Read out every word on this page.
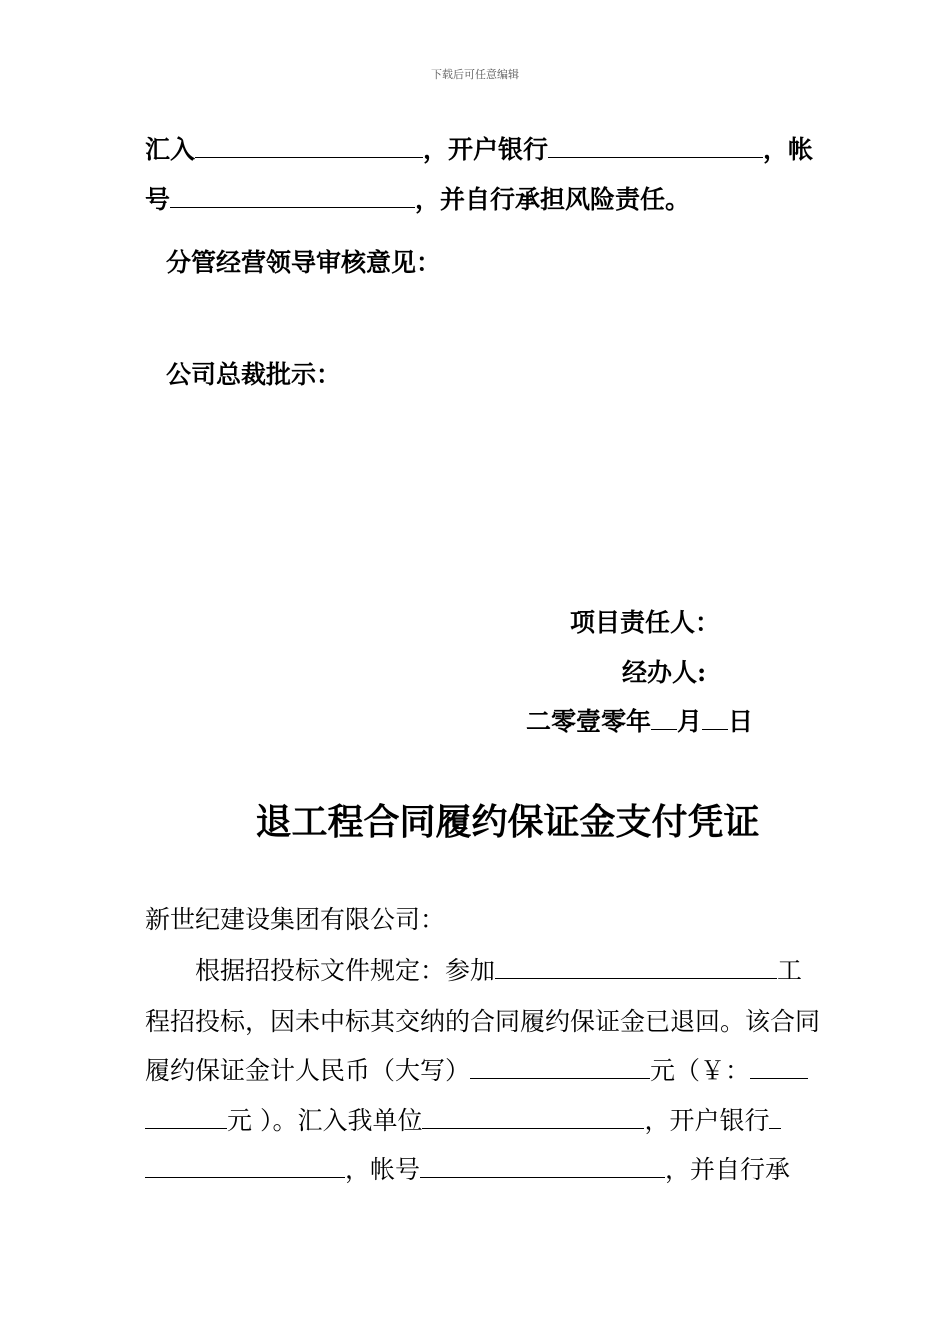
下载后可任意编辑
汇入	，开户银行	，帐
号	，并自行承担风险责任。
分管经营领导审核意见：
公司总裁批示：
项目责任人：
经办人:
二零壹零年 月 日
退工程合同履约保证金支付凭证
新世纪建设集团有限公司：
根据招投标文件规定：参加	工
程招投标，因未中标其交纳的合同履约保证金已退回。该合同
履约保证金计人民币（大写）	元（￥：
元 ）。汇入我单位	，开户银行
，帐号	，并自行承
